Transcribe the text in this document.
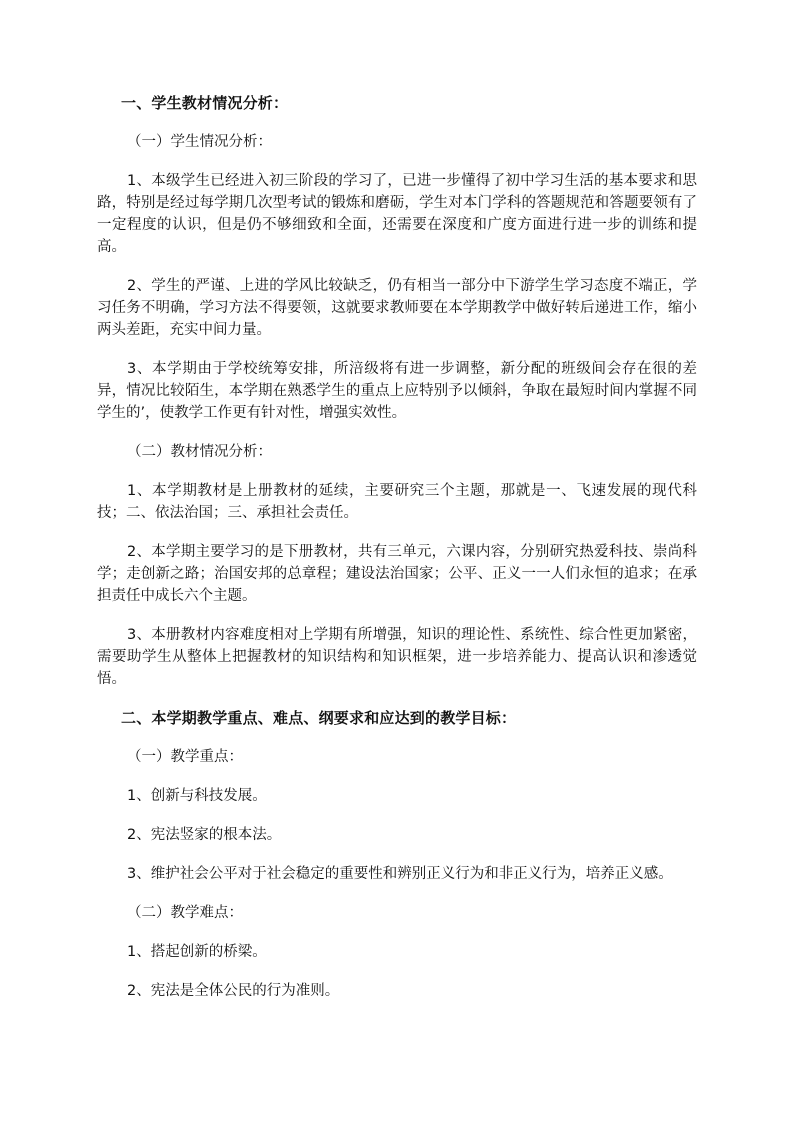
一、学生教材情况分析：
（一）学生情况分析：

1、本级学生已经进入初三阶段的学习了，已进一步懂得了初中学习生活的基本要求和思路，特别是经过每学期几次型考试的锻炼和磨砺，学生对本门学科的答题规范和答题要领有了一定程度的认识，但是仍不够细致和全面，还需要在深度和广度方面进行进一步的训练和提高。

2、学生的严谨、上进的学风比较缺乏，仍有相当一部分中下游学生学习态度不端正，学习任务不明确，学习方法不得要领，这就要求教师要在本学期教学中做好转后递进工作，缩小两头差距，充实中间力量。

3、本学期由于学校统筹安排，所涪级将有进一步调整，新分配的班级间会存在很的差异，情况比较陌生，本学期在熟悉学生的重点上应特别予以倾斜，争取在最短时间内掌握不同学生的’，使教学工作更有针对性，增强实效性。

（二）教材情况分析：

1、本学期教材是上册教材的延续，主要研究三个主题，那就是一、飞速发展的现代科技；二、依法治国；三、承担社会责任。

2、本学期主要学习的是下册教材，共有三单元，六课内容，分别研究热爱科技、崇尚科学；走创新之路；治国安邦的总章程；建设法治国家；公平、正义一一人们永恒的追求；在承担责任中成长六个主题。

3、本册教材内容难度相对上学期有所增强，知识的理论性、系统性、综合性更加紧密，需要助学生从整体上把握教材的知识结构和知识框架，进一步培养能力、提高认识和渗透觉悟。

二、本学期教学重点、难点、纲要求和应达到的教学目标：
（一）教学重点：

1、创新与科技发展。

2、宪法竖家的根本法。

3、维护社会公平对于社会稳定的重要性和辨别正义行为和非正义行为，培养正义感。

（二）教学难点：

1、搭起创新的桥梁。

2、宪法是全体公民的行为准则。
